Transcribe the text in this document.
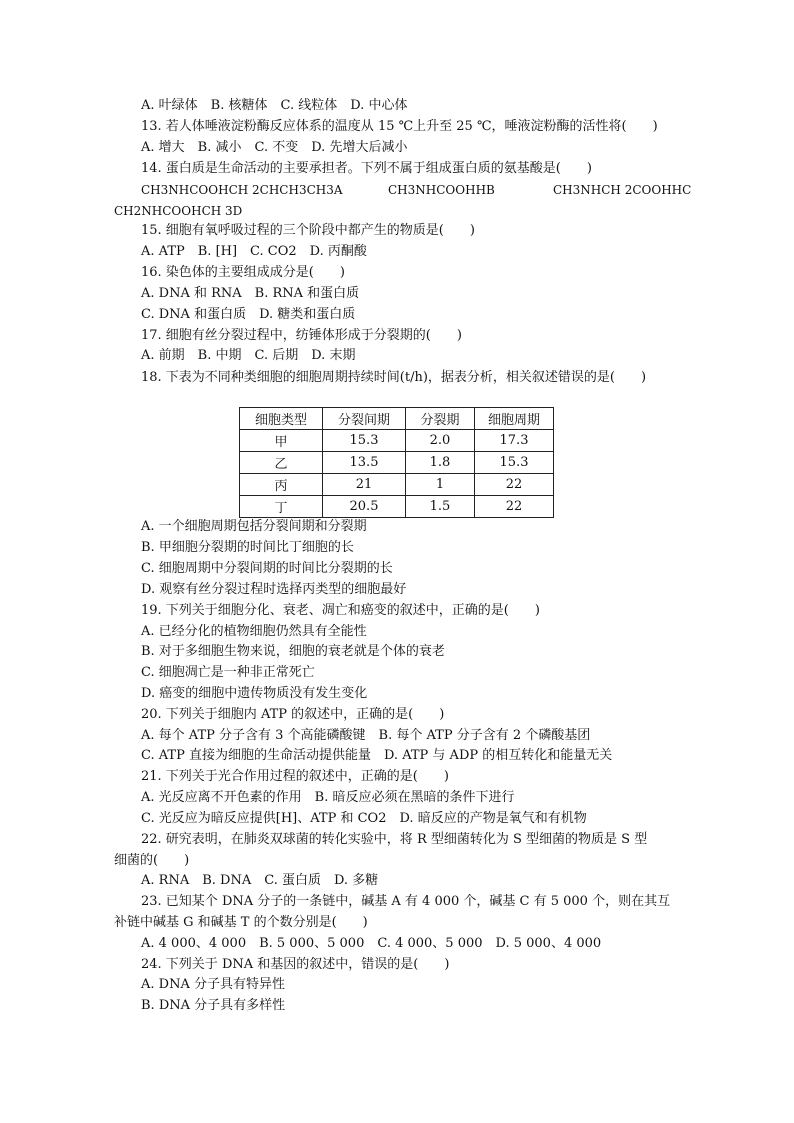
A. 叶绿体　B. 核糖体　C. 线粒体　D. 中心体
13. 若人体唾液淀粉酶反应体系的温度从 15 ℃上升至 25 ℃，唾液淀粉酶的活性将(　　)
A. 增大　B. 减小　C. 不变　D. 先增大后减小
14. 蛋白质是生命活动的主要承担者。下列不属于组成蛋白质的氨基酸是(　　)
CH3NHCOOHCH 2CHCH3CH3A	CH3NHCOOHHB	CH3NHCH 2COOHHC
CH2NHCOOHCH 3D
15. 细胞有氧呼吸过程的三个阶段中都产生的物质是(　　)
A. ATP　B. [H]　C. CO2　D. 丙酮酸
16. 染色体的主要组成成分是(　　)
A. DNA 和 RNA　B. RNA 和蛋白质
C. DNA 和蛋白质　D. 糖类和蛋白质
17. 细胞有丝分裂过程中，纺锤体形成于分裂期的(　　)
A. 前期　B. 中期　C. 后期　D. 末期
18. 下表为不同种类细胞的细胞周期持续时间(t/h)，据表分析，相关叙述错误的是(　　)
细胞类型	分裂间期	分裂期	细胞周期
甲	15.3	2.0	17.3
乙	13.5	1.8	15.3
丙	21	1	22
丁	20.5	1.5	22
A. 一个细胞周期包括分裂间期和分裂期
B. 甲细胞分裂期的时间比丁细胞的长
C. 细胞周期中分裂间期的时间比分裂期的长
D. 观察有丝分裂过程时选择丙类型的细胞最好
19. 下列关于细胞分化、衰老、凋亡和癌变的叙述中，正确的是(　　)
A. 已经分化的植物细胞仍然具有全能性
B. 对于多细胞生物来说，细胞的衰老就是个体的衰老
C. 细胞凋亡是一种非正常死亡
D. 癌变的细胞中遗传物质没有发生变化
20. 下列关于细胞内 ATP 的叙述中，正确的是(　　)
A. 每个 ATP 分子含有 3 个高能磷酸键　B. 每个 ATP 分子含有 2 个磷酸基团
C. ATP 直接为细胞的生命活动提供能量　D. ATP 与 ADP 的相互转化和能量无关
21. 下列关于光合作用过程的叙述中，正确的是(　　)
A. 光反应离不开色素的作用　B. 暗反应必须在黑暗的条件下进行
C. 光反应为暗反应提供[H]、ATP 和 CO2　D. 暗反应的产物是氧气和有机物
22. 研究表明，在肺炎双球菌的转化实验中，将 R 型细菌转化为 S 型细菌的物质是 S 型
细菌的(　　)
A. RNA　B. DNA　C. 蛋白质　D. 多糖
23. 已知某个 DNA 分子的一条链中，碱基 A 有 4 000 个，碱基 C 有 5 000 个，则在其互
补链中碱基 G 和碱基 T 的个数分别是(　　)
A. 4 000、4 000　B. 5 000、5 000　C. 4 000、5 000　D. 5 000、4 000
24. 下列关于 DNA 和基因的叙述中，错误的是(　　)
A. DNA 分子具有特异性
B. DNA 分子具有多样性
